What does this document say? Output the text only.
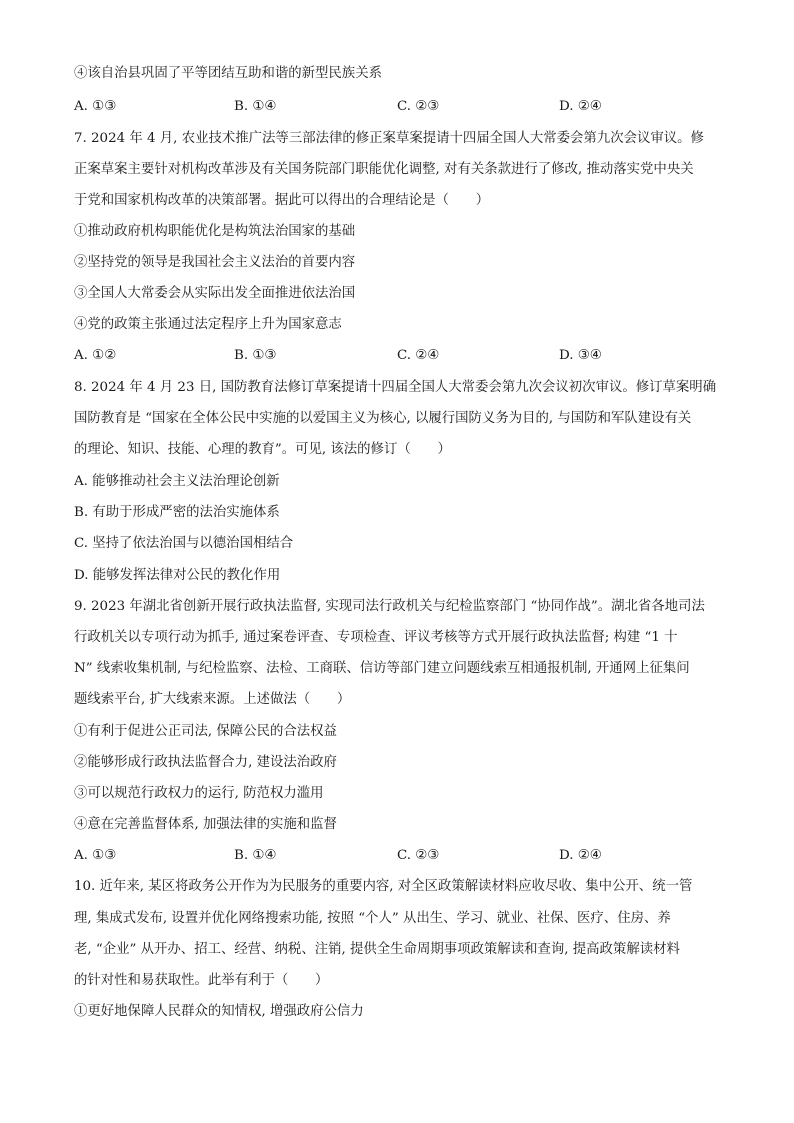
④该自治县巩固了平等团结互助和谐的新型民族关系
A. ①③	B. ①④	C. ②③	D. ②④
7. 2024 年 4 月, 农业技术推广法等三部法律的修正案草案提请十四届全国人大常委会第九次会议审议。修
正案草案主要针对机构改革涉及有关国务院部门职能优化调整, 对有关条款进行了修改, 推动落实党中央关
于党和国家机构改革的决策部署。据此可以得出的合理结论是（　　）
①推动政府机构职能优化是构筑法治国家的基础
②坚持党的领导是我国社会主义法治的首要内容
③全国人大常委会从实际出发全面推进依法治国
④党的政策主张通过法定程序上升为国家意志
A. ①②	B. ①③	C. ②④	D. ③④
8. 2024 年 4 月 23 日, 国防教育法修订草案提请十四届全国人大常委会第九次会议初次审议。修订草案明确
国防教育是 “国家在全体公民中实施的以爱国主义为核心, 以履行国防义务为目的, 与国防和军队建设有关
的理论、知识、技能、心理的教育”。可见, 该法的修订（　　）
A. 能够推动社会主义法治理论创新
B. 有助于形成严密的法治实施体系
C. 坚持了依法治国与以德治国相结合
D. 能够发挥法律对公民的教化作用
9. 2023 年湖北省创新开展行政执法监督, 实现司法行政机关与纪检监察部门 “协同作战”。湖北省各地司法
行政机关以专项行动为抓手, 通过案卷评查、专项检查、评议考核等方式开展行政执法监督; 构建 “1 十
N” 线索收集机制, 与纪检监察、法检、工商联、信访等部门建立问题线索互相通报机制, 开通网上征集问
题线索平台, 扩大线索来源。上述做法（　　）
①有利于促进公正司法, 保障公民的合法权益
②能够形成行政执法监督合力, 建设法治政府
③可以规范行政权力的运行, 防范权力滥用
④意在完善监督体系, 加强法律的实施和监督
A. ①③	B. ①④	C. ②③	D. ②④
10. 近年来, 某区将政务公开作为为民服务的重要内容, 对全区政策解读材料应收尽收、集中公开、统一管
理, 集成式发布, 设置并优化网络搜索功能, 按照 “个人” 从出生、学习、就业、社保、医疗、住房、养
老, “企业” 从开办、招工、经营、纳税、注销, 提供全生命周期事项政策解读和查询, 提高政策解读材料
的针对性和易获取性。此举有利于（　　）
①更好地保障人民群众的知情权, 增强政府公信力
